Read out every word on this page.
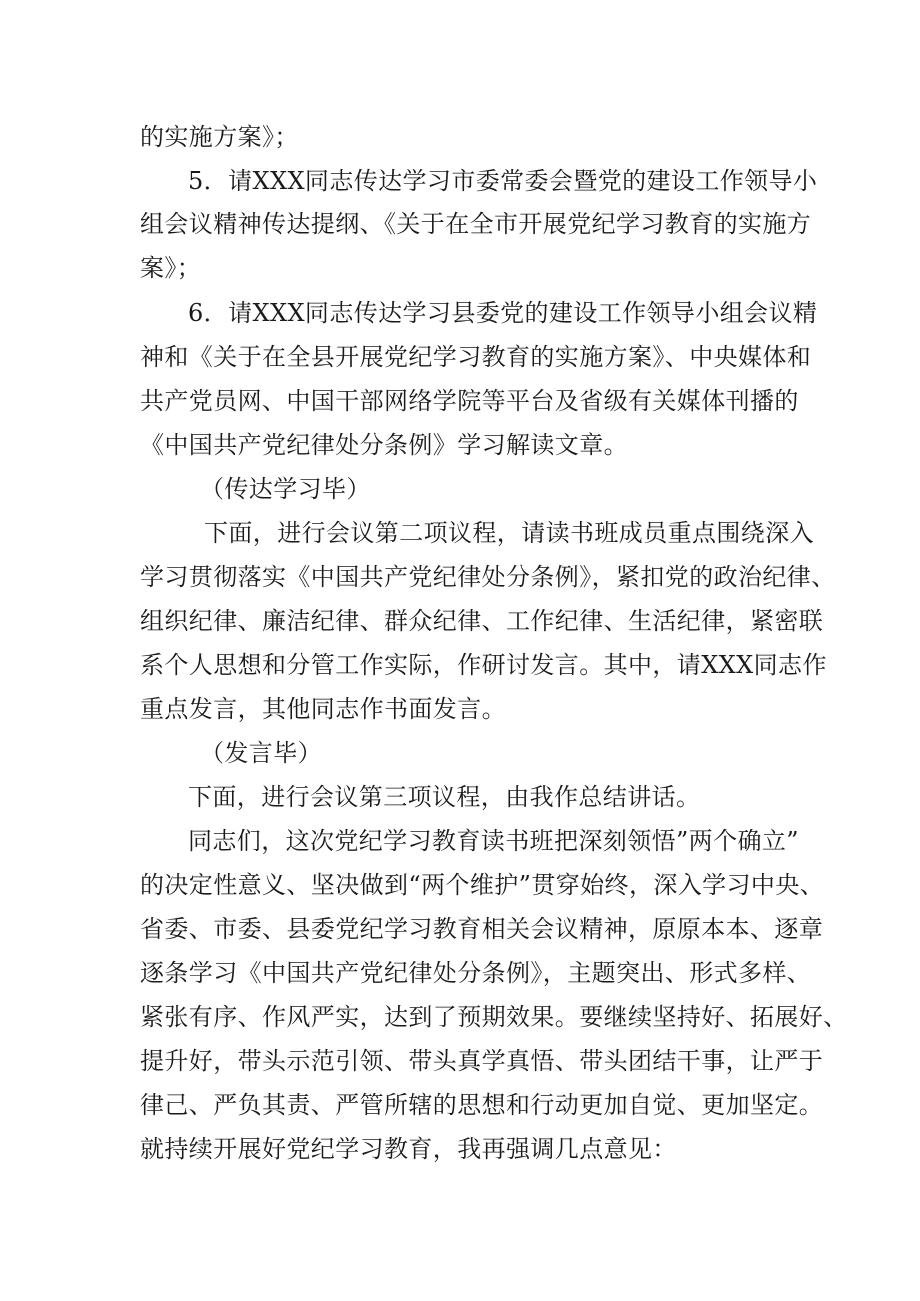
的实施方案》；

5．请XXX同志传达学习市委常委会暨党的建设工作领导小

组会议精神传达提纲、《关于在全市开展党纪学习教育的实施方

案》；

6．请XXX同志传达学习县委党的建设工作领导小组会议精

神和《关于在全县开展党纪学习教育的实施方案》、中央媒体和

共产党员网、中国干部网络学院等平台及省级有关媒体刊播的

《中国共产党纪律处分条例》学习解读文章。

（传达学习毕）

下面，进行会议第二项议程，请读书班成员重点围绕深入

学习贯彻落实《中国共产党纪律处分条例》，紧扣党的政治纪律、

组织纪律、廉洁纪律、群众纪律、工作纪律、生活纪律，紧密联

系个人思想和分管工作实际，作研讨发言。其中，请XXX同志作

重点发言，其他同志作书面发言。

（发言毕）

下面，进行会议第三项议程，由我作总结讲话。

同志们，这次党纪学习教育读书班把深刻领悟”两个确立”

的决定性意义、坚决做到“两个维护”贯穿始终，深入学习中央、

省委、市委、县委党纪学习教育相关会议精神，原原本本、逐章

逐条学习《中国共产党纪律处分条例》，主题突出、形式多样、

紧张有序、作风严实，达到了预期效果。要继续坚持好、拓展好、

提升好，带头示范引领、带头真学真悟、带头团结干事，让严于

律己、严负其责、严管所辖的思想和行动更加自觉、更加坚定。

就持续开展好党纪学习教育，我再强调几点意见：
